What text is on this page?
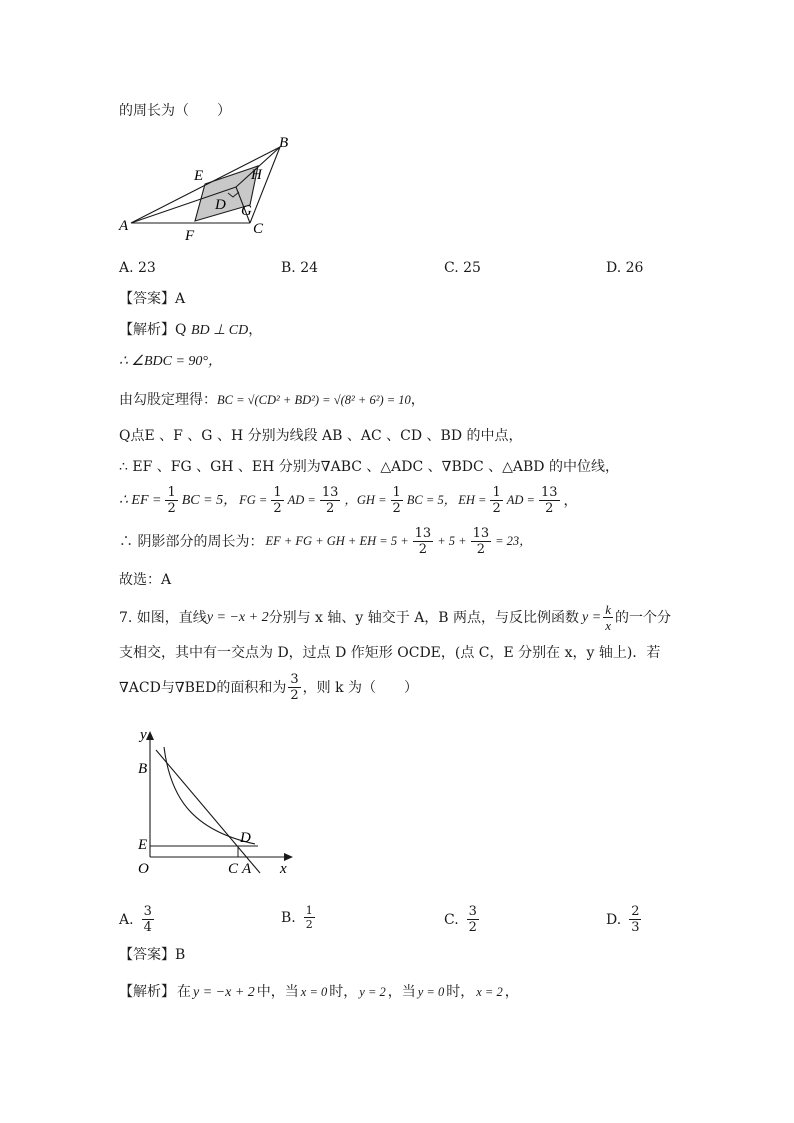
的周长为（　　）
B
E	H
D G
A
F	C
A. 23	B. 24	C. 25	D. 26
【答案】A
【解析】Q BD ⊥ CD，
∴ ∠BDC = 90°，
由勾股定理得：BC = √(CD² + BD²) = √(8² + 6²) = 10，
Q点E 、F 、G 、H 分别为线段 AB 、AC 、CD 、BD 的中点，
∴ EF 、FG 、GH 、EH 分别为∇ABC 、△ADC 、∇BDC 、△ABD 的中位线，
∴ EF = $\frac{1}{2}$ BC = 5， FG = $\frac{1}{2}$ AD = $\frac{13}{2}$ ，GH = $\frac{1}{2}$ BC = 5， EH = $\frac{1}{2}$ AD = $\frac{13}{2}$ ，
∴ 阴影部分的周长为： EF + FG + GH + EH = $5 + \frac{13}{2} + 5 + \frac{13}{2} = 23$，
故选：A
7. 如图，直线 y = −x + 2 分别与 x 轴、y 轴交于 A，B 两点，与反比例函数 $y = \frac{k}{x}$ 的一个分
支相交，其中有一交点为 D，过点 D 作矩形 OCDE，(点 C，E 分别在 x，y 轴上)．若
∇ACD与∇BED的面积和为 $\frac{3}{2}$ ，则 k 为（　　）
y
B
E
O
D
C A x
A. $\frac{3}{4}$	B. $\frac{1}{2}$	C. $\frac{3}{2}$	D. $\frac{2}{3}$
【答案】B
【解析】 在 y = −x + 2 中，当 x = 0 时， y = 2 ，当 y = 0 时， x = 2 ，
